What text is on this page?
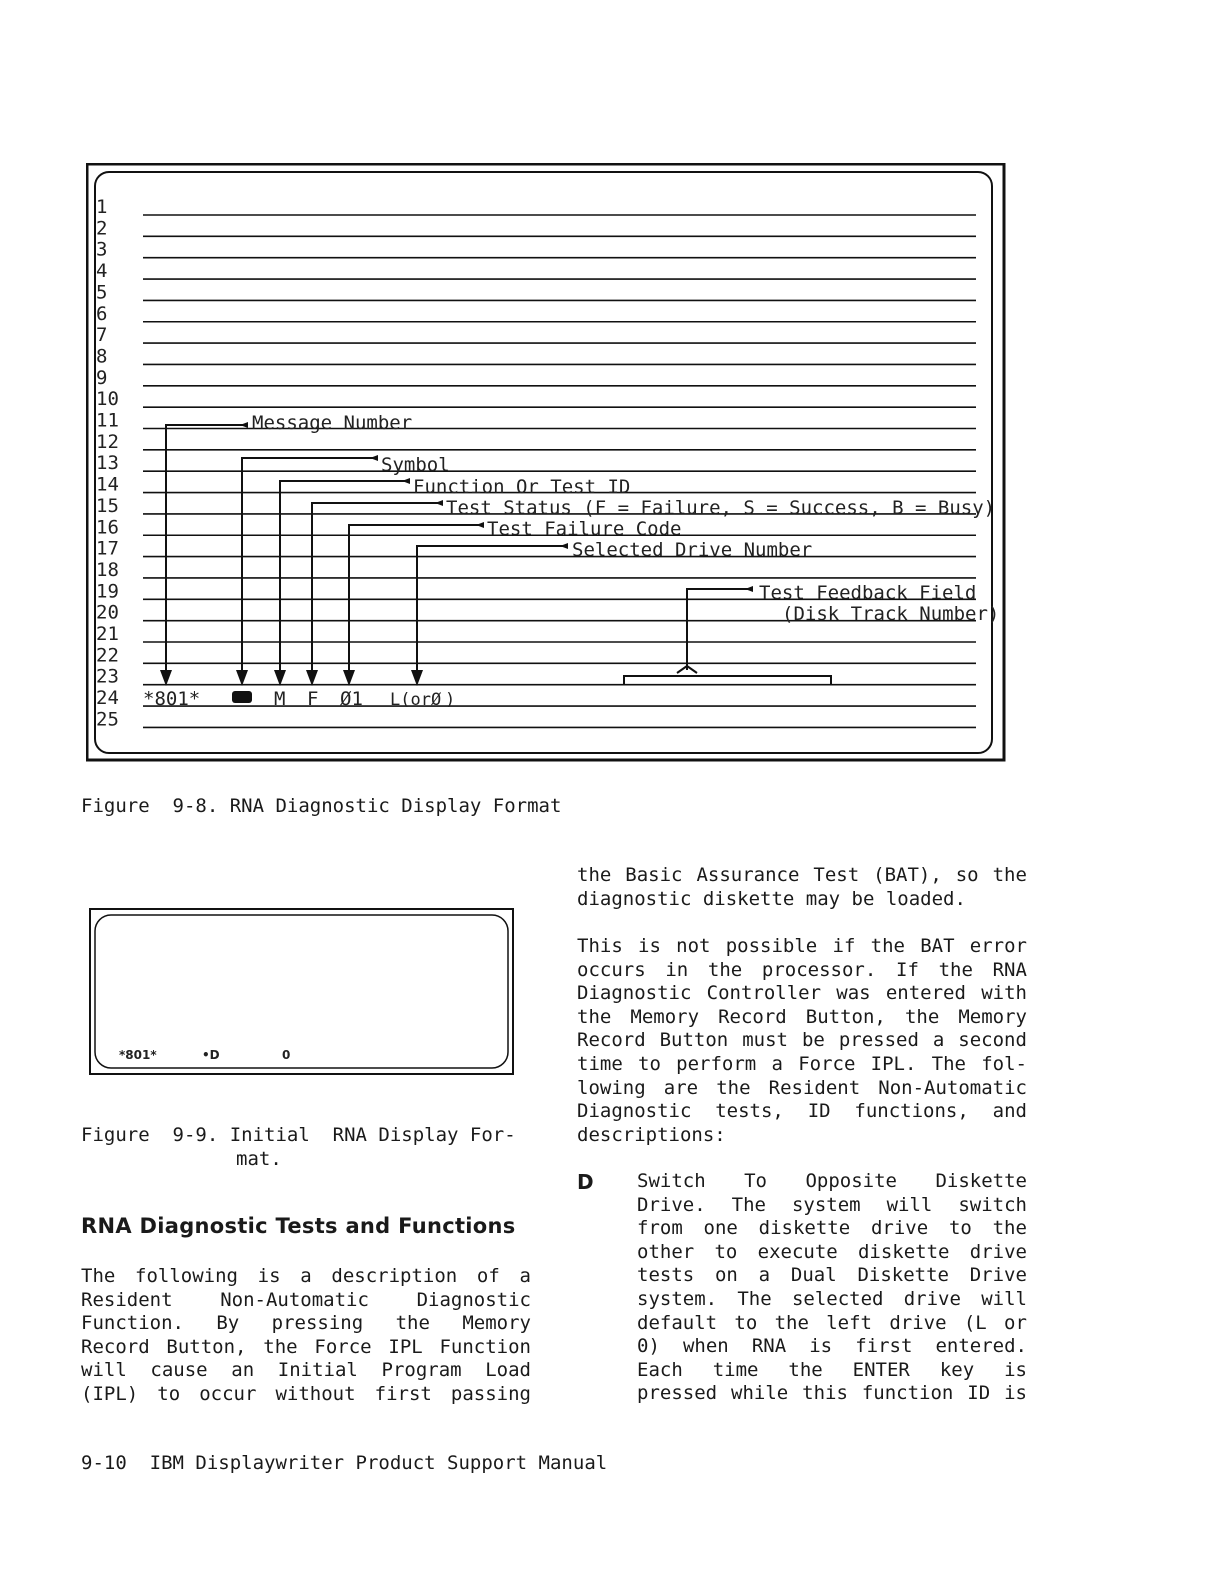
1
2
3
4
5
6
7
8
9
10
11
12
13
14
15
16
17
18
19
20
21
22
23
24
25
Message Number
Symbol
Function Or Test ID
Test Status (F = Failure, S = Success, B = Busy)
Test Failure Code
Selected Drive Number
Test Feedback Field
(Disk Track Number)
*801*	M F Ø1 L(or Ø )
Figure  9-8. RNA Diagnostic Display Format
*801*	•D	0
Figure  9-9. Initial  RNA Display For-
mat.
RNA Diagnostic Tests and Functions
The following is a description of a
Resident	Non-Automatic	Diagnostic
Function. By pressing the Memory
Record Button, the Force IPL Function
will cause an Initial Program Load
(IPL) to occur without first passing
the Basic Assurance Test (BAT), so the
diagnostic diskette may be loaded.
This is not possible if the BAT error
occurs in the processor. If the RNA
Diagnostic Controller was entered with
the Memory Record Button, the Memory
Record Button must be pressed a second
time to perform a Force IPL. The fol-
lowing are the Resident Non-Automatic
Diagnostic tests, ID functions, and
descriptions:
D Switch To Opposite Diskette
Drive. The system will switch
from one diskette drive to the
other to execute diskette drive
tests on a Dual Diskette Drive
system. The selected drive will
default to the left drive (L or
0) when RNA is first entered.
Each time the ENTER key is
pressed while this function ID is
9-10  IBM Displaywriter Product Support Manual
